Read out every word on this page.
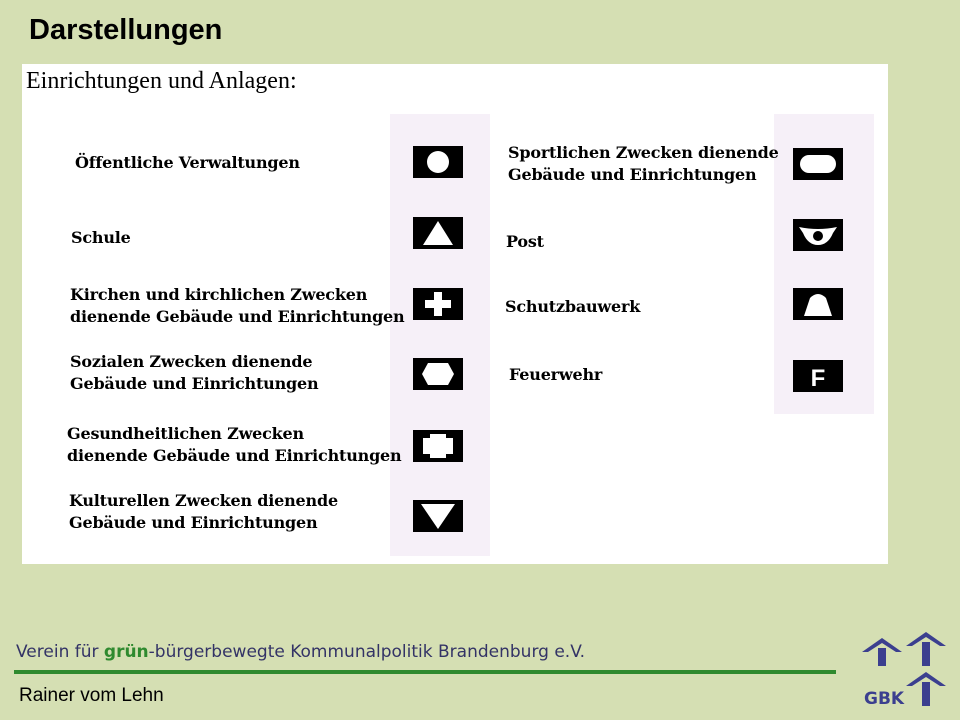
Darstellungen
Einrichtungen und Anlagen:
Öffentliche Verwaltungen
Schule
Kirchen und kirchlichen Zwecken
dienende Gebäude und Einrichtungen
Sozialen Zwecken dienende
Gebäude und Einrichtungen
Gesundheitlichen Zwecken
dienende Gebäude und Einrichtungen
Kulturellen Zwecken dienende
Gebäude und Einrichtungen
Sportlichen Zwecken dienende
Gebäude und Einrichtungen
Post
Schutzbauwerk
Feuerwehr	F
Verein für grün-bürgerbewegte Kommunalpolitik Brandenburg e.V.
Rainer vom Lehn	GBK
